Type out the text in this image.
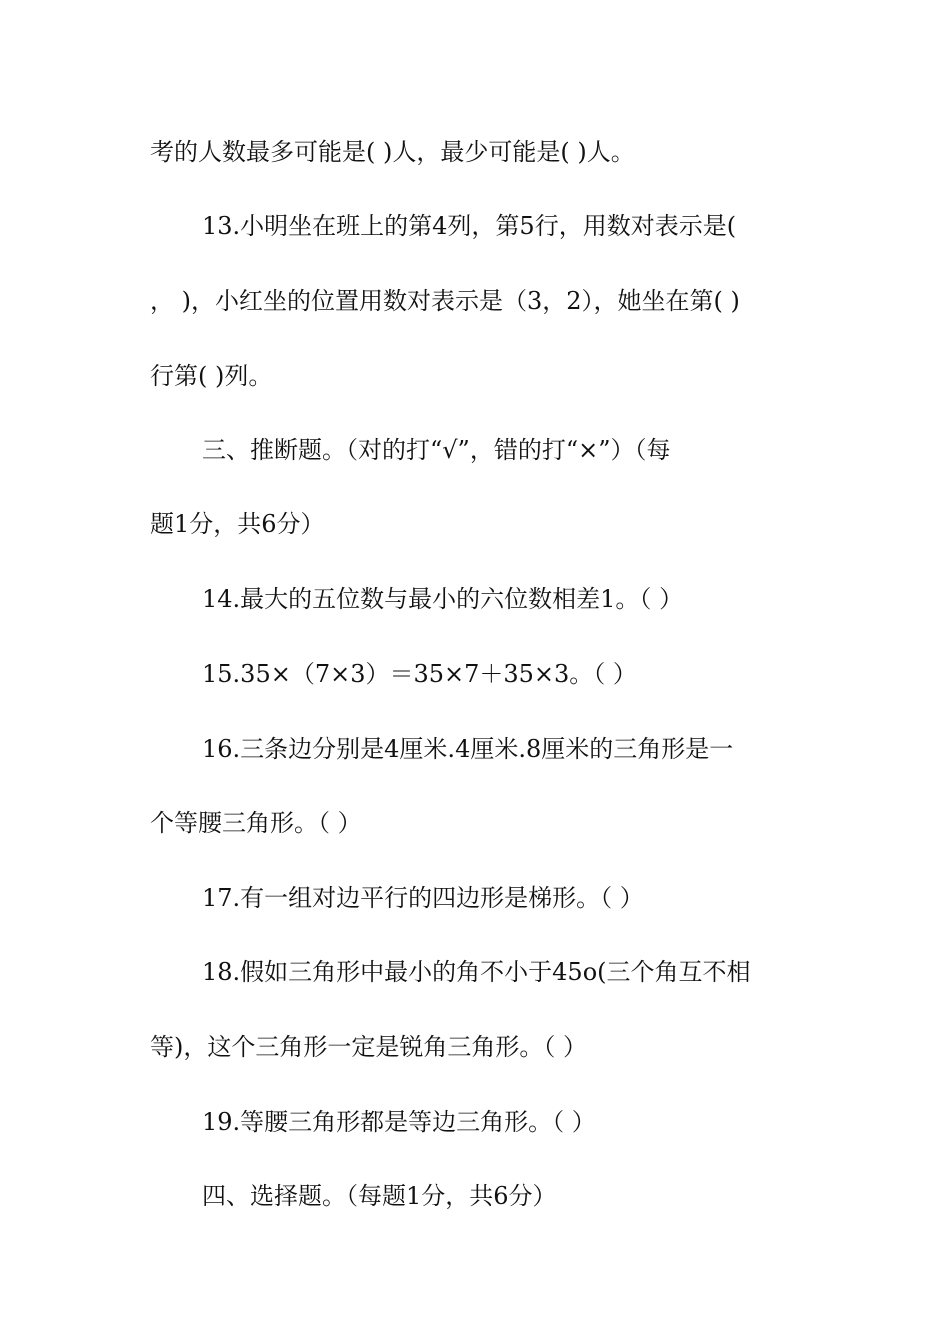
考的人数最多可能是( )人，最少可能是( )人。
13.小明坐在班上的第4列，第5行，用数对表示是(
， )，小红坐的位置用数对表示是（3，2），她坐在第( )
行第( )列。
三、推断题。（对的打“√”，错的打“×”）（每
题1分，共6分）
14.最大的五位数与最小的六位数相差1。（ ）
15.35×（7×3）＝35×7＋35×3。（ ）
16.三条边分别是4厘米.4厘米.8厘米的三角形是一
个等腰三角形。（ ）
17.有一组对边平行的四边形是梯形。（ ）
18.假如三角形中最小的角不小于45o(三个角互不相
等)，这个三角形一定是锐角三角形。（ ）
19.等腰三角形都是等边三角形。（ ）
四、选择题。（每题1分，共6分）
